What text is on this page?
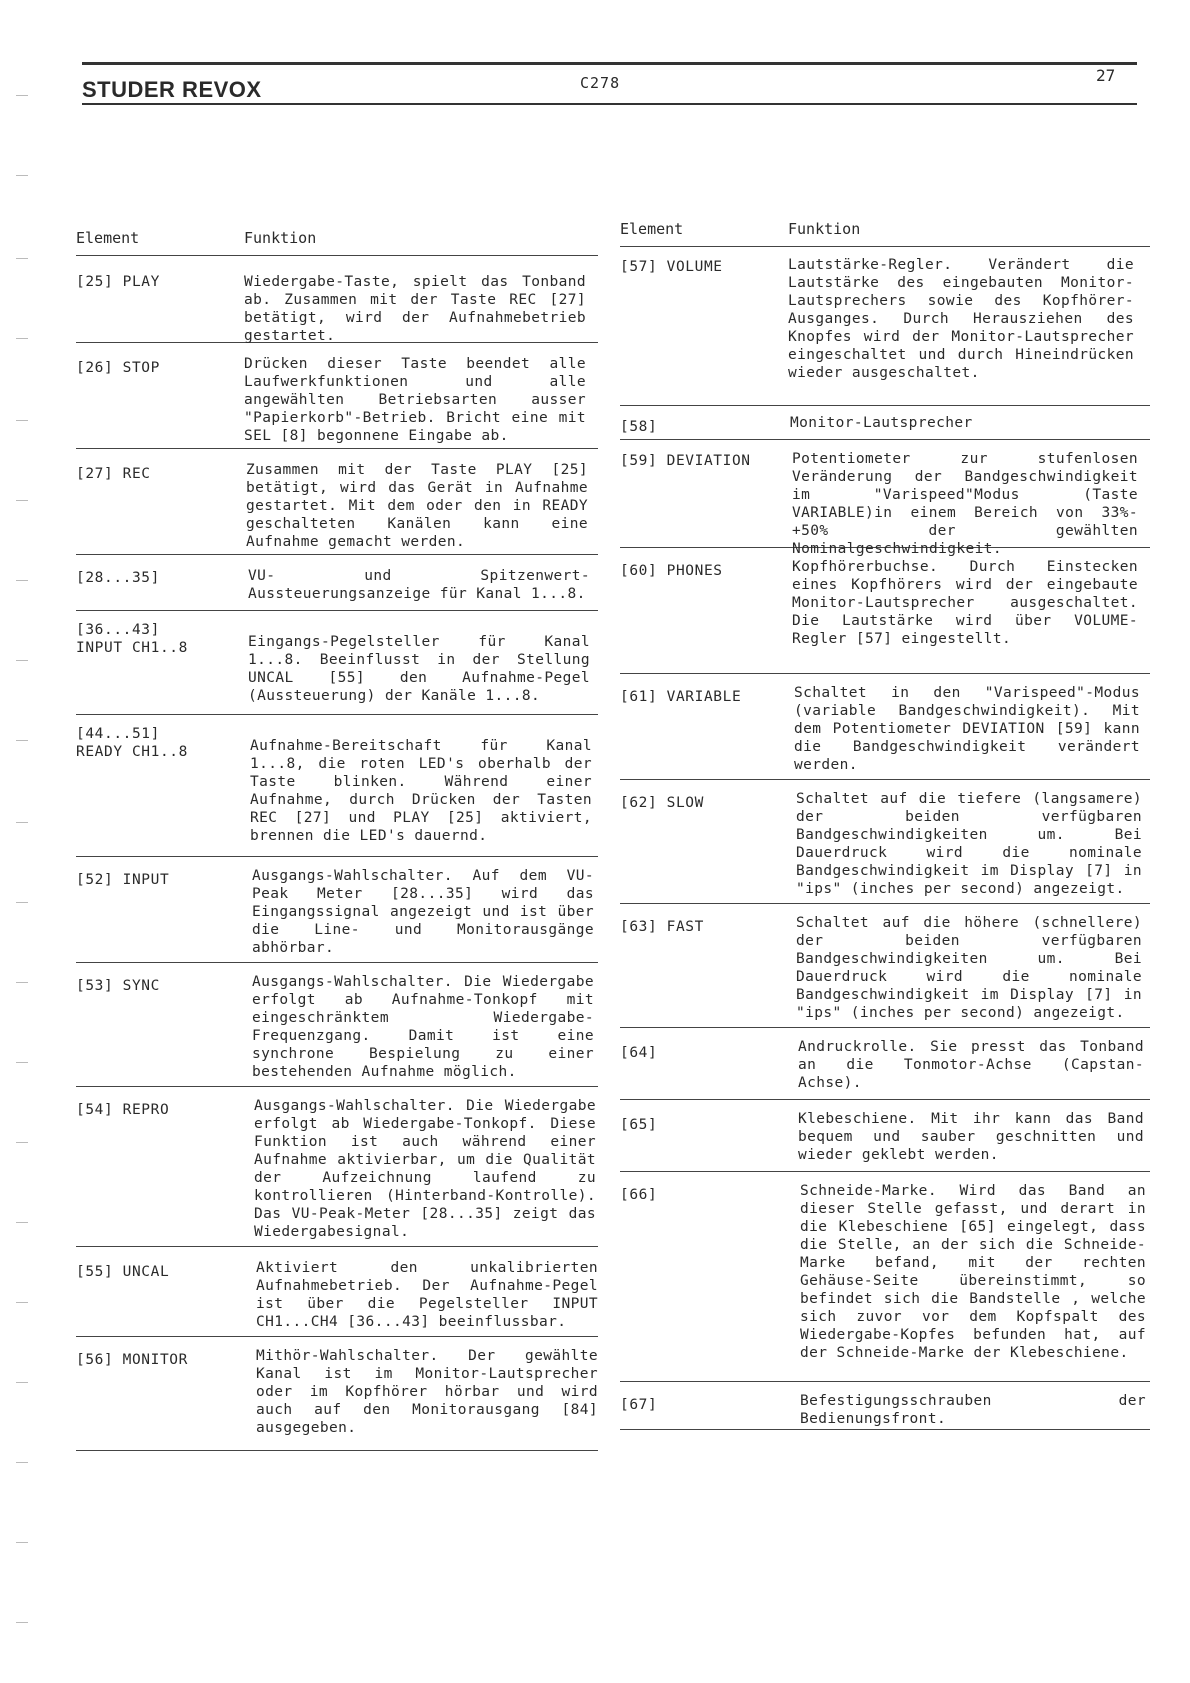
STUDER REVOX	C278	27
Element	Funktion
[25] PLAY	Wiedergabe-Taste, spielt das Tonband ab. Zusammen mit der Taste REC [27] betätigt, wird der Aufnahmebetrieb gestartet.
[26] STOP	Drücken dieser Taste beendet alle Laufwerkfunktionen und alle angewählten Betriebsarten ausser "Papierkorb"-Betrieb. Bricht eine mit SEL [8] begonnene Eingabe ab.
[27] REC	Zusammen mit der Taste PLAY [25] betätigt, wird das Gerät in Aufnahme gestartet. Mit dem oder den in READY geschalteten Kanälen kann eine Aufnahme gemacht werden.
[28...35]	VU- und Spitzenwert-Aussteuerungsanzeige für Kanal 1...8.
[36...43]
INPUT CH1..8	Eingangs-Pegelsteller für Kanal 1...8. Beeinflusst in der Stellung UNCAL [55] den Aufnahme-Pegel (Aussteuerung) der Kanäle 1...8.
[44...51]
READY CH1..8	Aufnahme-Bereitschaft für Kanal 1...8, die roten LED's oberhalb der Taste blinken. Während einer Aufnahme, durch Drücken der Tasten REC [27] und PLAY [25] aktiviert, brennen die LED's dauernd.
[52] INPUT	Ausgangs-Wahlschalter. Auf dem VU-Peak Meter [28...35] wird das Eingangssignal angezeigt und ist über die Line- und Monitorausgänge abhörbar.
[53] SYNC	Ausgangs-Wahlschalter. Die Wiedergabe erfolgt ab Aufnahme-Tonkopf mit eingeschränktem Wiedergabe-Frequenzgang. Damit ist eine synchrone Bespielung zu einer bestehenden Aufnahme möglich.
[54] REPRO	Ausgangs-Wahlschalter. Die Wiedergabe erfolgt ab Wiedergabe-Tonkopf. Diese Funktion ist auch während einer Aufnahme aktivierbar, um die Qualität der Aufzeichnung laufend zu kontrollieren (Hinterband-Kontrolle). Das VU-Peak-Meter [28...35] zeigt das Wiedergabesignal.
[55] UNCAL	Aktiviert den unkalibrierten Aufnahmebetrieb. Der Aufnahme-Pegel ist über die Pegelsteller INPUT CH1...CH4 [36...43] beeinflussbar.
[56] MONITOR	Mithör-Wahlschalter. Der gewählte Kanal ist im Monitor-Lautsprecher oder im Kopfhörer hörbar und wird auch auf den Monitorausgang [84] ausgegeben.
Element	Funktion
[57] VOLUME	Lautstärke-Regler. Verändert die Lautstärke des eingebauten Monitor-Lautsprechers sowie des Kopfhörer-Ausganges. Durch Herausziehen des Knopfes wird der Monitor-Lautsprecher eingeschaltet und durch Hineindrücken wieder ausgeschaltet.
[58]	Monitor-Lautsprecher
[59] DEVIATION	Potentiometer zur stufenlosen Veränderung der Bandgeschwindigkeit im "Varispeed"Modus (Taste VARIABLE)in einem Bereich von 33%-+50% der gewählten Nominalgeschwindigkeit.
[60] PHONES	Kopfhörerbuchse. Durch Einstecken eines Kopfhörers wird der eingebaute Monitor-Lautsprecher ausgeschaltet. Die Lautstärke wird über VOLUME-Regler [57] eingestellt.
[61] VARIABLE	Schaltet in den "Varispeed"-Modus (variable Bandgeschwindigkeit). Mit dem Potentiometer DEVIATION [59] kann die Bandgeschwindigkeit verändert werden.
[62] SLOW	Schaltet auf die tiefere (langsamere) der beiden verfügbaren Bandgeschwindigkeiten um. Bei Dauerdruck wird die nominale Bandgeschwindigkeit im Display [7] in "ips" (inches per second) angezeigt.
[63] FAST	Schaltet auf die höhere (schnellere) der beiden verfügbaren Bandgeschwindigkeiten um. Bei Dauerdruck wird die nominale Bandgeschwindigkeit im Display [7] in "ips" (inches per second) angezeigt.
[64]	Andruckrolle. Sie presst das Tonband an die Tonmotor-Achse (Capstan-Achse).
[65]	Klebeschiene. Mit ihr kann das Band bequem und sauber geschnitten und wieder geklebt werden.
[66]	Schneide-Marke. Wird das Band an dieser Stelle gefasst, und derart in die Klebeschiene [65] eingelegt, dass die Stelle, an der sich die Schneide-Marke befand, mit der rechten Gehäuse-Seite übereinstimmt, so befindet sich die Bandstelle , welche sich zuvor vor dem Kopfspalt des Wiedergabe-Kopfes befunden hat, auf der Schneide-Marke der Klebeschiene.
[67]	Befestigungsschrauben der Bedienungsfront.
